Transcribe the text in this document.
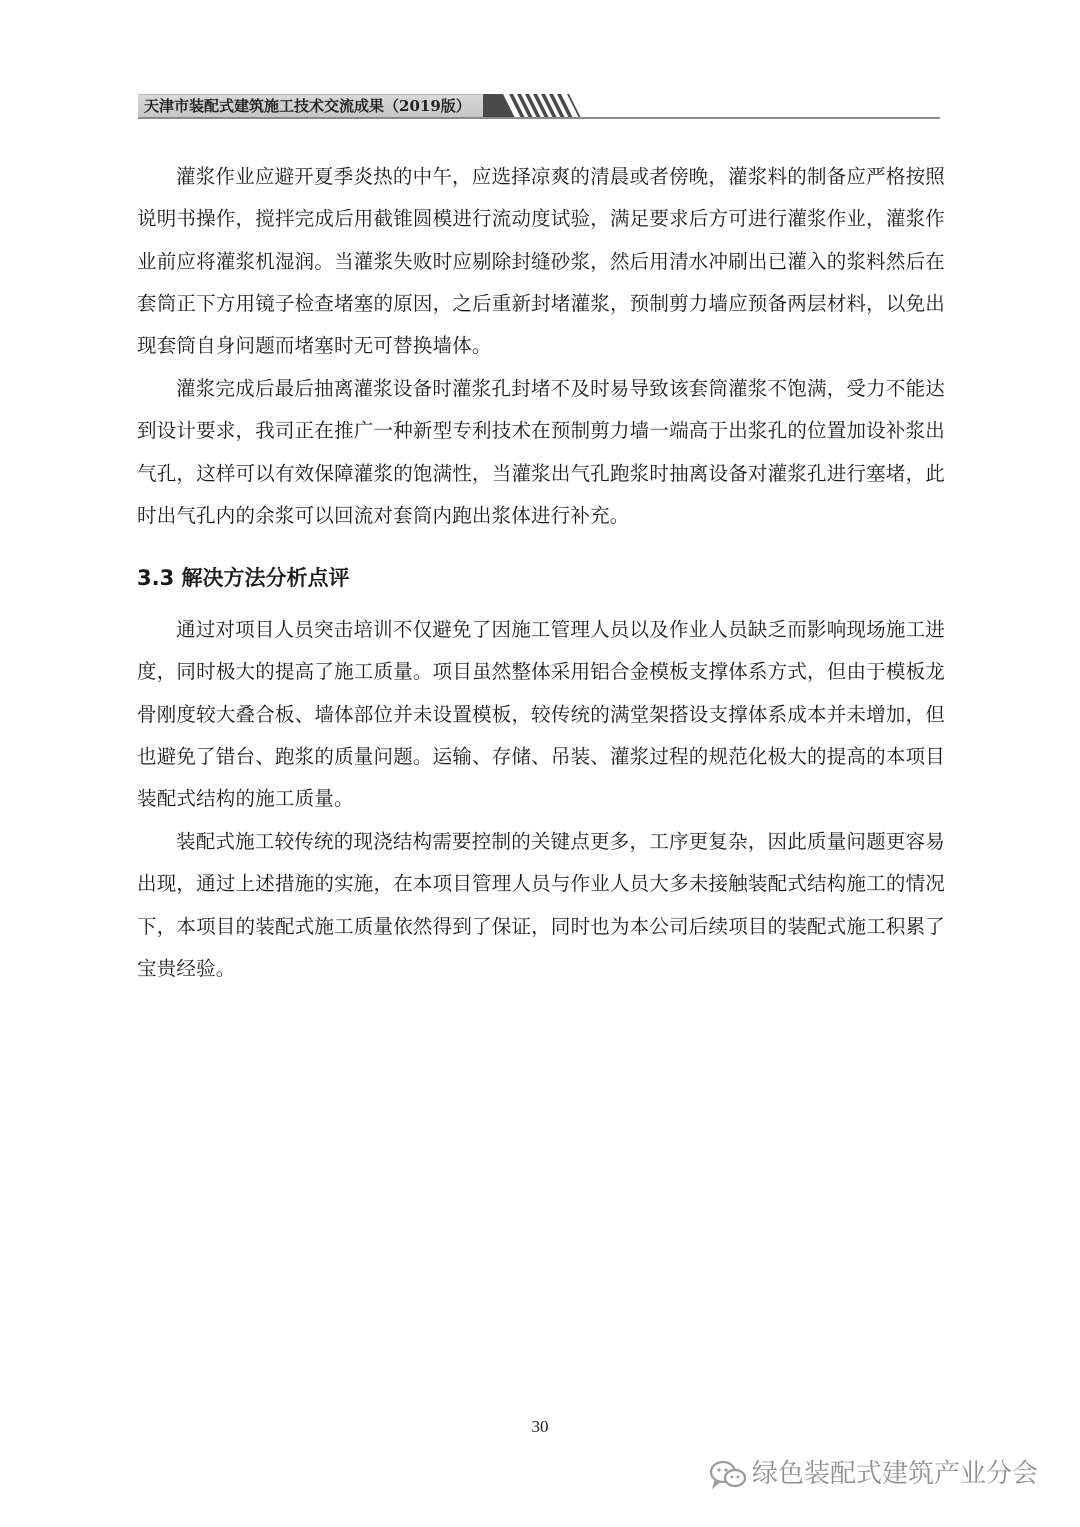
天津市装配式建筑施工技术交流成果（2019版）

灌浆作业应避开夏季炎热的中午，应选择凉爽的清晨或者傍晚，灌浆料的制备应严格按照说明书操作，搅拌完成后用截锥圆模进行流动度试验，满足要求后方可进行灌浆作业，灌浆作业前应将灌浆机湿润。当灌浆失败时应剔除封缝砂浆，然后用清水冲刷出已灌入的浆料然后在套筒正下方用镜子检查堵塞的原因，之后重新封堵灌浆，预制剪力墙应预备两层材料，以免出现套筒自身问题而堵塞时无可替换墙体。

灌浆完成后最后抽离灌浆设备时灌浆孔封堵不及时易导致该套筒灌浆不饱满，受力不能达到设计要求，我司正在推广一种新型专利技术在预制剪力墙一端高于出浆孔的位置加设补浆出气孔，这样可以有效保障灌浆的饱满性，当灌浆出气孔跑浆时抽离设备对灌浆孔进行塞堵，此时出气孔内的余浆可以回流对套筒内跑出浆体进行补充。

3.3 解决方法分析点评

通过对项目人员突击培训不仅避免了因施工管理人员以及作业人员缺乏而影响现场施工进度，同时极大的提高了施工质量。项目虽然整体采用铝合金模板支撑体系方式，但由于模板龙骨刚度较大叠合板、墙体部位并未设置模板，较传统的满堂架搭设支撑体系成本并未增加，但也避免了错台、跑浆的质量问题。运输、存储、吊装、灌浆过程的规范化极大的提高的本项目装配式结构的施工质量。

装配式施工较传统的现浇结构需要控制的关键点更多，工序更复杂，因此质量问题更容易出现，通过上述措施的实施，在本项目管理人员与作业人员大多未接触装配式结构施工的情况下，本项目的装配式施工质量依然得到了保证，同时也为本公司后续项目的装配式施工积累了宝贵经验。

30
绿色装配式建筑产业分会
